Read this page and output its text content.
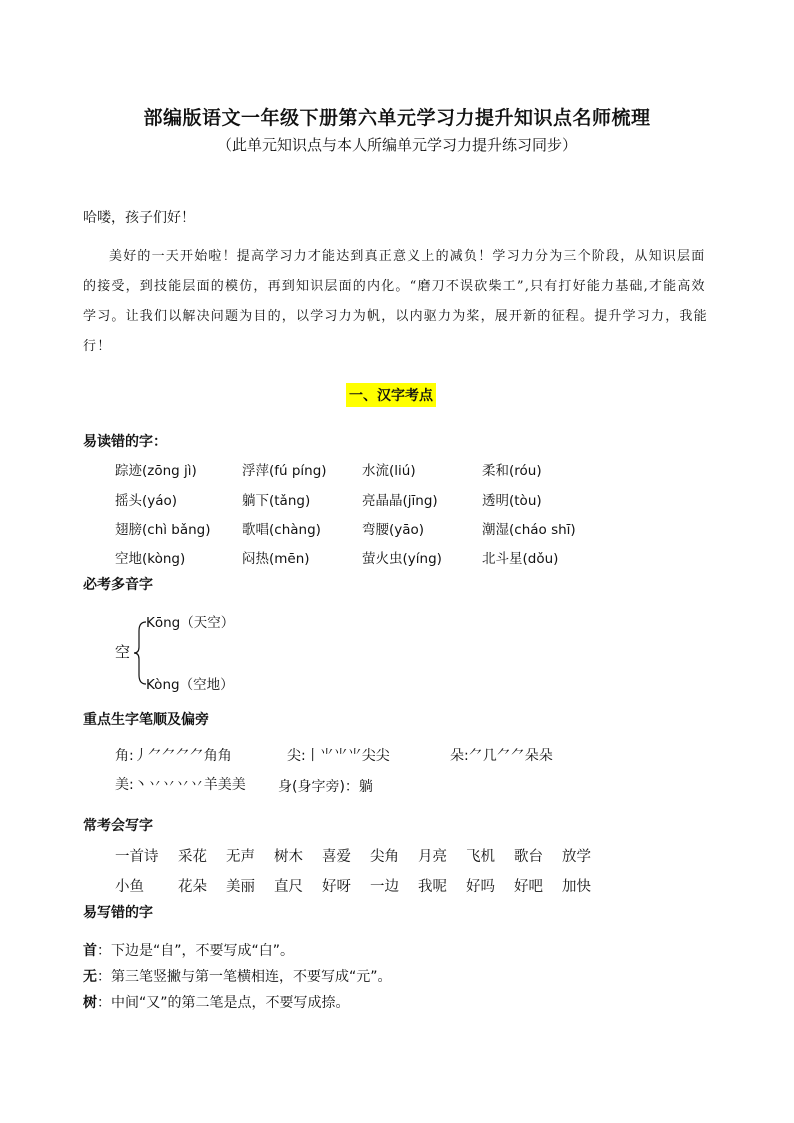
部编版语文一年级下册第六单元学习力提升知识点名师梳理
（此单元知识点与本人所编单元学习力提升练习同步）
哈喽，孩子们好！
美好的一天开始啦！提高学习力才能达到真正意义上的减负！学习力分为三个阶段，从知识层面的接受，到技能层面的模仿，再到知识层面的内化。“磨刀不误砍柴工”,只有打好能力基础,才能高效学习。让我们以解决问题为目的，以学习力为帆，以内驱力为桨，展开新的征程。提升学习力，我能行！
一、汉字考点
易读错的字：
踪迹(zōng jì)	浮萍(fú píng)	水流(liú)	柔和(róu)
摇头(yáo)	躺下(tǎng)	亮晶晶(jīng)	透明(tòu)
翅膀(chì bǎng) 歌唱(chàng)	弯腰(yāo)	潮湿(cháo shī)
空地(kòng)	闷热(mēn)	萤火虫(yíng)	北斗星(dǒu)
必考多音字
空
Kōng（天空）
Kòng（空地）
重点生字笔顺及偏旁
角:丿⺈⺈⺈⺈角角	尖:丨⺌⺌⺌尖尖	朵:⺈几⺈⺈朵朵
美:丶丷丷丷丷羊美美 身(身字旁)：躺
常考会写字
一首诗 采花 无声 树木 喜爱 尖角 月亮 飞机 歌台 放学
小鱼 花朵 美丽 直尺 好呀 一边 我呢 好吗 好吧 加快
易写错的字
首：下边是“自”，不要写成“白”。
无：第三笔竖撇与第一笔横相连，不要写成“元”。
树：中间“又”的第二笔是点，不要写成捺。
